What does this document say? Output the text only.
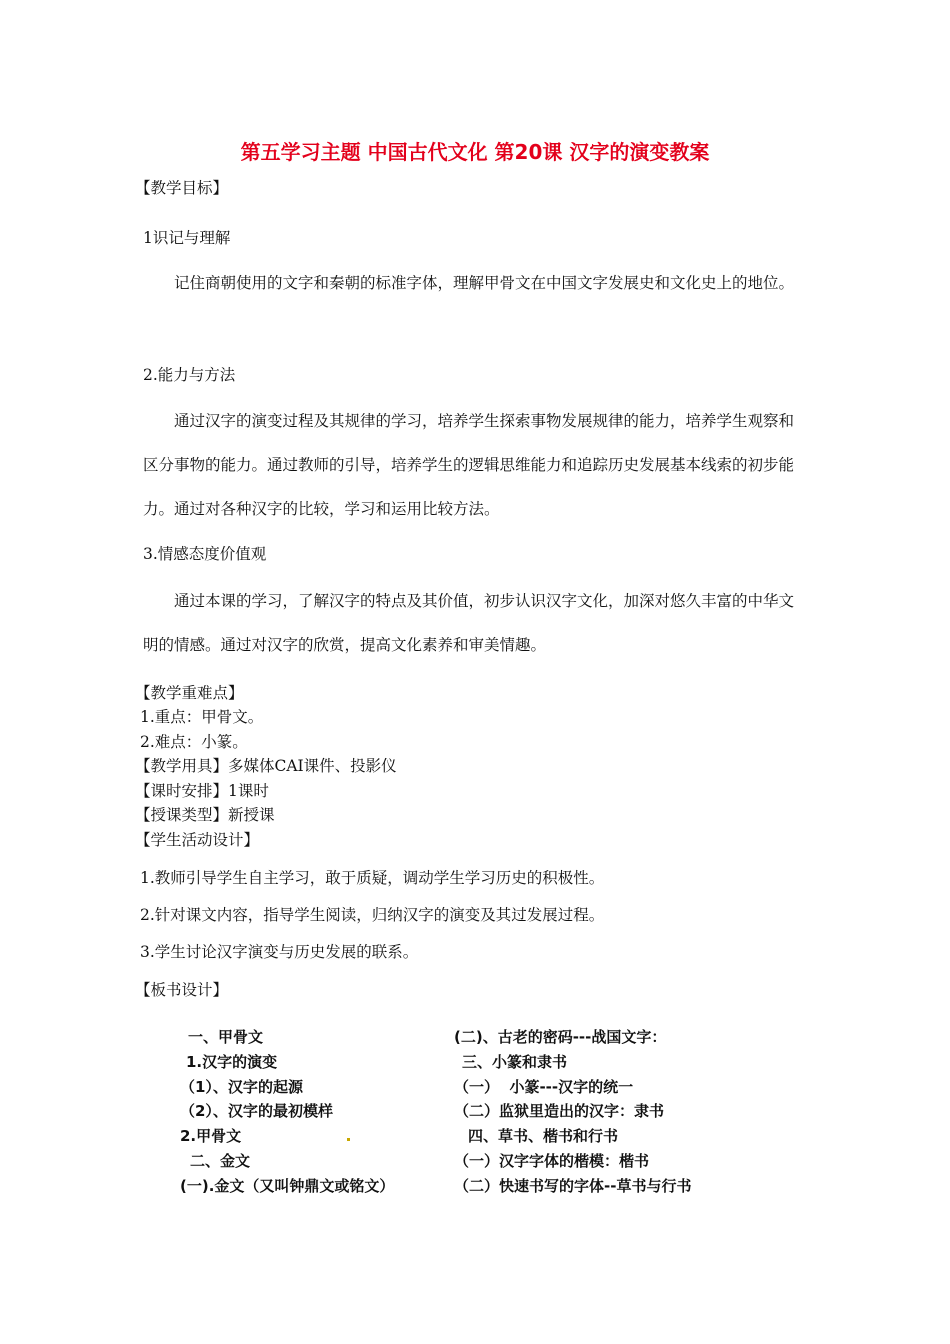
第五学习主题 中国古代文化 第20课 汉字的演变教案
【教学目标】
1识记与理解
记住商朝使用的文字和秦朝的标准字体，理解甲骨文在中国文字发展史和文化史上的地位。
2.能力与方法
通过汉字的演变过程及其规律的学习，培养学生探索事物发展规律的能力，培养学生观察和区分事物的能力。通过教师的引导，培养学生的逻辑思维能力和追踪历史发展基本线索的初步能力。通过对各种汉字的比较，学习和运用比较方法。
3.情感态度价值观
通过本课的学习，了解汉字的特点及其价值，初步认识汉字文化，加深对悠久丰富的中华文明的情感。通过对汉字的欣赏，提高文化素养和审美情趣。
【教学重难点】
1.重点：甲骨文。
2.难点：小篆。
【教学用具】多媒体CAI课件、投影仪
【课时安排】1课时
【授课类型】新授课
【学生活动设计】
1.教师引导学生自主学习，敢于质疑，调动学生学习历史的积极性。
2.针对课文内容，指导学生阅读，归纳汉字的演变及其过发展过程。
3.学生讨论汉字演变与历史发展的联系。
【板书设计】
一、甲骨文
1.汉字的演变
（1）、汉字的起源
（2）、汉字的最初模样
2.甲骨文
二、金文
(一).金文（又叫钟鼎文或铭文）
(二)、古老的密码---战国文字：
三、小篆和隶书
（一）  小篆---汉字的统一
（二）监狱里造出的汉字：隶书
四、草书、楷书和行书
（一）汉字字体的楷模：楷书
（二）快速书写的字体--草书与行书
